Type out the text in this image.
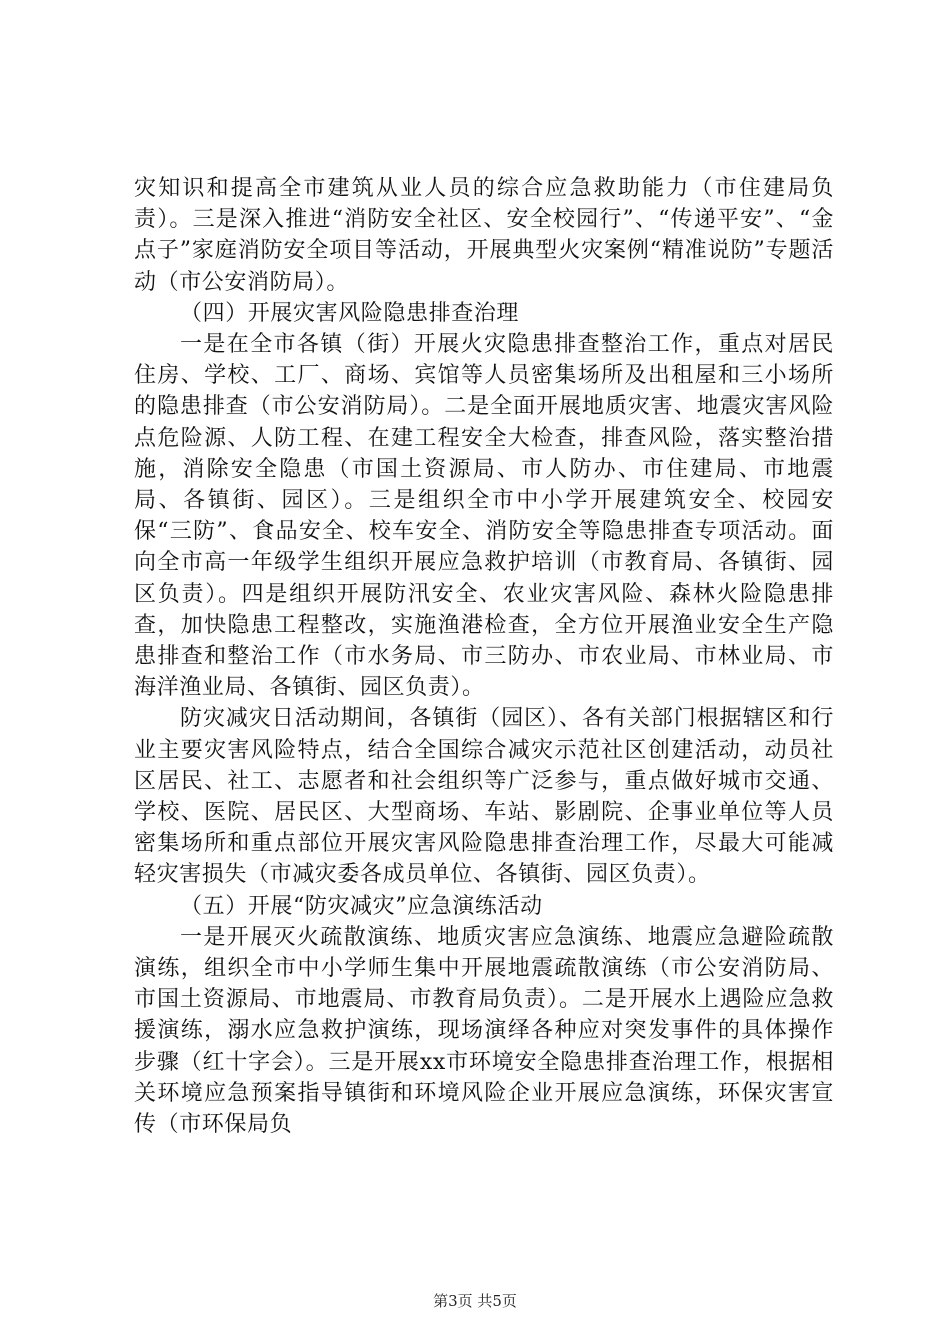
灾知识和提高全市建筑从业人员的综合应急救助能力（市住建局负责）。三是深入推进“消防安全社区、安全校园行”、“传递平安”、“金点子”家庭消防安全项目等活动，开展典型火灾案例“精准说防”专题活动（市公安消防局）。

（四）开展灾害风险隐患排查治理

一是在全市各镇（街）开展火灾隐患排查整治工作，重点对居民住房、学校、工厂、商场、宾馆等人员密集场所及出租屋和三小场所的隐患排查（市公安消防局）。二是全面开展地质灾害、地震灾害风险点危险源、人防工程、在建工程安全大检查，排查风险，落实整治措施，消除安全隐患（市国土资源局、市人防办、市住建局、市地震局、各镇街、园区）。三是组织全市中小学开展建筑安全、校园安保“三防”、食品安全、校车安全、消防安全等隐患排查专项活动。面向全市高一年级学生组织开展应急救护培训（市教育局、各镇街、园区负责）。四是组织开展防汛安全、农业灾害风险、森林火险隐患排查，加快隐患工程整改，实施渔港检查，全方位开展渔业安全生产隐患排查和整治工作（市水务局、市三防办、市农业局、市林业局、市海洋渔业局、各镇街、园区负责）。

防灾减灾日活动期间，各镇街（园区）、各有关部门根据辖区和行业主要灾害风险特点，结合全国综合减灾示范社区创建活动，动员社区居民、社工、志愿者和社会组织等广泛参与，重点做好城市交通、学校、医院、居民区、大型商场、车站、影剧院、企事业单位等人员密集场所和重点部位开展灾害风险隐患排查治理工作，尽最大可能减轻灾害损失（市减灾委各成员单位、各镇街、园区负责）。

（五）开展“防灾减灾”应急演练活动

一是开展灭火疏散演练、地质灾害应急演练、地震应急避险疏散演练，组织全市中小学师生集中开展地震疏散演练（市公安消防局、市国土资源局、市地震局、市教育局负责）。二是开展水上遇险应急救援演练，溺水应急救护演练，现场演绎各种应对突发事件的具体操作步骤（红十字会）。三是开展xx市环境安全隐患排查治理工作，根据相关环境应急预案指导镇街和环境风险企业开展应急演练，环保灾害宣传（市环保局负

第3页 共5页
